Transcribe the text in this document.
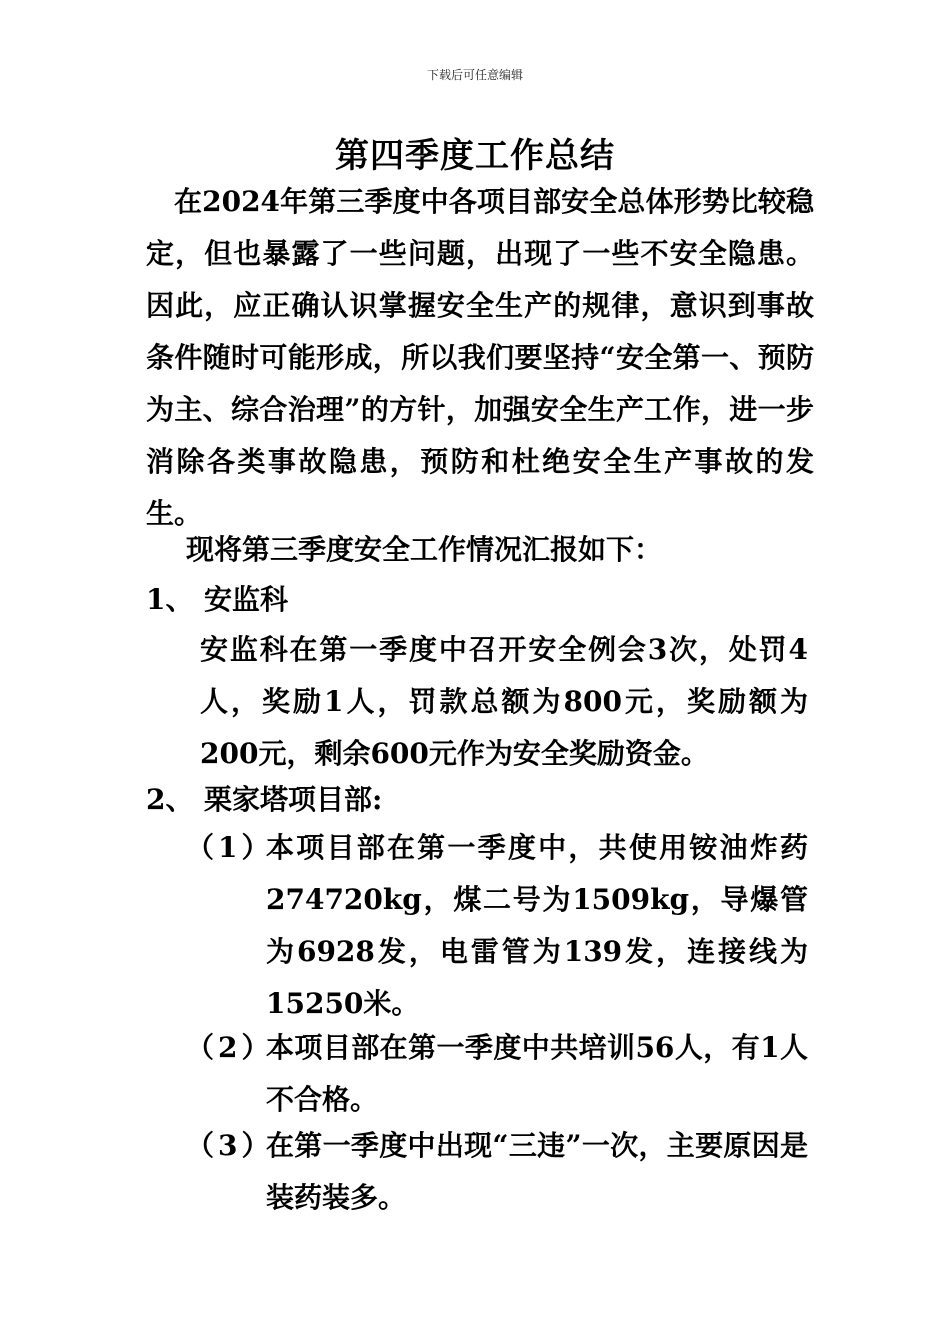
下载后可任意编辑
第四季度工作总结
在2024年第三季度中各项目部安全总体形势比较稳定，但也暴露了一些问题，出现了一些不安全隐患。因此，应正确认识掌握安全生产的规律，意识到事故条件随时可能形成，所以我们要坚持“安全第一、预防为主、综合治理”的方针，加强安全生产工作，进一步消除各类事故隐患，预防和杜绝安全生产事故的发生。
现将第三季度安全工作情况汇报如下：
1、 安监科
安监科在第一季度中召开安全例会3次，处罚4人，奖励1人，罚款总额为800元，奖励额为200元，剩余600元作为安全奖励资金。
2、 栗家塔项目部:
（1）
本项目部在第一季度中，共使用铵油炸药274720kg，煤二号为1509kg，导爆管为6928发，电雷管为139发，连接线为15250米。
（2）
本项目部在第一季度中共培训56人，有1人不合格。
（3）
在第一季度中出现“三违”一次，主要原因是装药装多。
